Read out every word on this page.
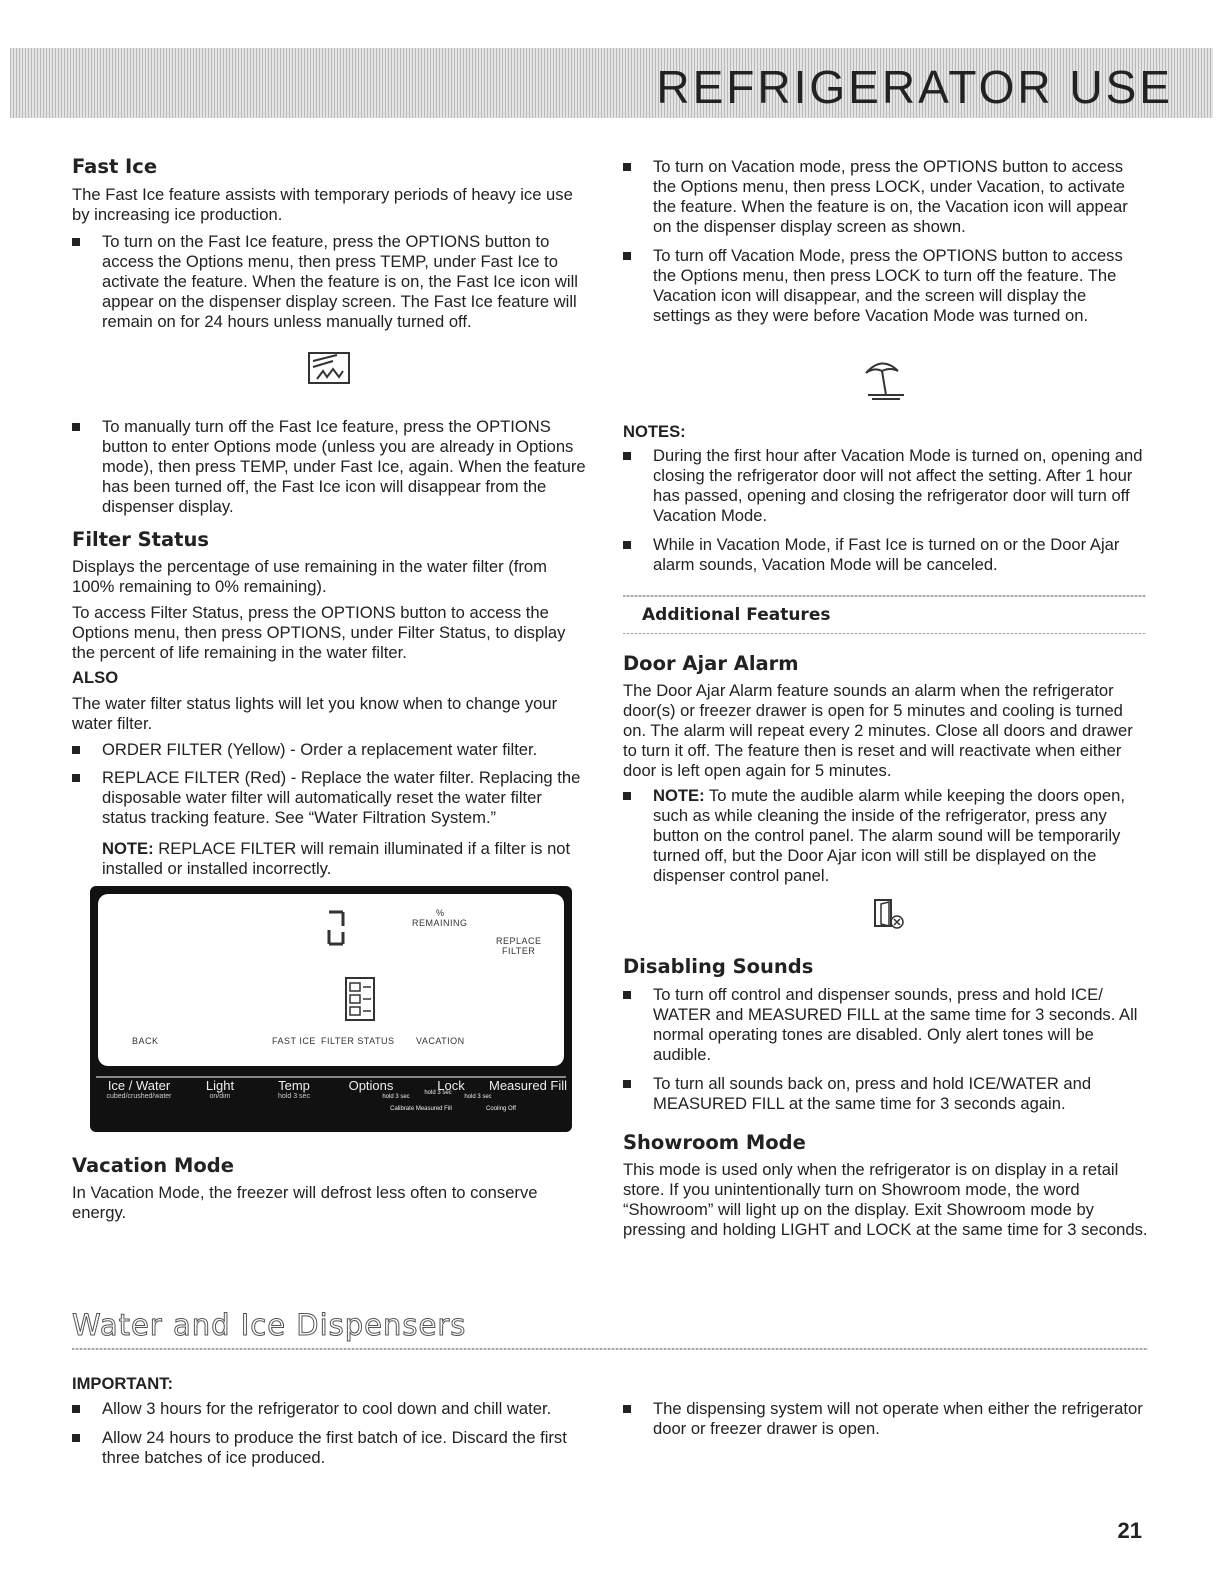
REFRIGERATOR USE
Fast Ice

The Fast Ice feature assists with temporary periods of heavy ice use by increasing ice production.

To turn on the Fast Ice feature, press the OPTIONS button to access the Options menu, then press TEMP, under Fast Ice to activate the feature. When the feature is on, the Fast Ice icon will appear on the dispenser display screen. The Fast Ice feature will remain on for 24 hours unless manually turned off.
To manually turn off the Fast Ice feature, press the OPTIONS button to enter Options mode (unless you are already in Options mode), then press TEMP, under Fast Ice, again. When the feature has been turned off, the Fast Ice icon will disappear from the dispenser display.
Filter Status

Displays the percentage of use remaining in the water filter (from 100% remaining to 0% remaining).

To access Filter Status, press the OPTIONS button to access the Options menu, then press OPTIONS, under Filter Status, to display the percent of life remaining in the water filter.

ALSO

The water filter status lights will let you know when to change your water filter.

ORDER FILTER (Yellow) - Order a replacement water filter.
REPLACE FILTER (Red) - Replace the water filter. Replacing the disposable water filter will automatically reset the water filter status tracking feature. See “Water Filtration System.”

NOTE: REPLACE FILTER will remain illuminated if a filter is not installed or installed incorrectly.

%
REMAINING
REPLACE
FILTER
BACK	FAST ICE FILTER STATUS VACATION
Ice / Water
cubed/crushed/water
Light
on/dim
Temp
hold 3 sec
Options	Lock	Measured Fill
hold 3 sec
hold 3 sec
hold 3 sec
Calibrate Measured Fill	Cooling Off
Vacation Mode

In Vacation Mode, the freezer will defrost less often to conserve energy.

To turn on Vacation mode, press the OPTIONS button to access the Options menu, then press LOCK, under Vacation, to activate the feature. When the feature is on, the Vacation icon will appear on the dispenser display screen as shown.
To turn off Vacation Mode, press the OPTIONS button to access the Options menu, then press LOCK to turn off the feature. The Vacation icon will disappear, and the screen will display the settings as they were before Vacation Mode was turned on.

NOTES:

During the first hour after Vacation Mode is turned on, opening and closing the refrigerator door will not affect the setting. After 1 hour has passed, opening and closing the refrigerator door will turn off Vacation Mode.
While in Vacation Mode, if Fast Ice is turned on or the Door Ajar alarm sounds, Vacation Mode will be canceled.
Additional Features
Door Ajar Alarm

The Door Ajar Alarm feature sounds an alarm when the refrigerator door(s) or freezer drawer is open for 5 minutes and cooling is turned on. The alarm will repeat every 2 minutes. Close all doors and drawer to turn it off. The feature then is reset and will reactivate when either door is left open again for 5 minutes.

NOTE: To mute the audible alarm while keeping the doors open, such as while cleaning the inside of the refrigerator, press any button on the control panel. The alarm sound will be temporarily turned off, but the Door Ajar icon will still be displayed on the dispenser control panel.
Disabling Sounds
To turn off control and dispenser sounds, press and hold ICE/ WATER and MEASURED FILL at the same time for 3 seconds. All normal operating tones are disabled. Only alert tones will be audible.
To turn all sounds back on, press and hold ICE/WATER and MEASURED FILL at the same time for 3 seconds again.
Showroom Mode

This mode is used only when the refrigerator is on display in a retail store. If you unintentionally turn on Showroom mode, the word “Showroom” will light up on the display. Exit Showroom mode by pressing and holding LIGHT and LOCK at the same time for 3 seconds.

Water and Ice Dispensers

IMPORTANT:

Allow 3 hours for the refrigerator to cool down and chill water.
Allow 24 hours to produce the first batch of ice. Discard the first three batches of ice produced.
The dispensing system will not operate when either the refrigerator door or freezer drawer is open.
21
